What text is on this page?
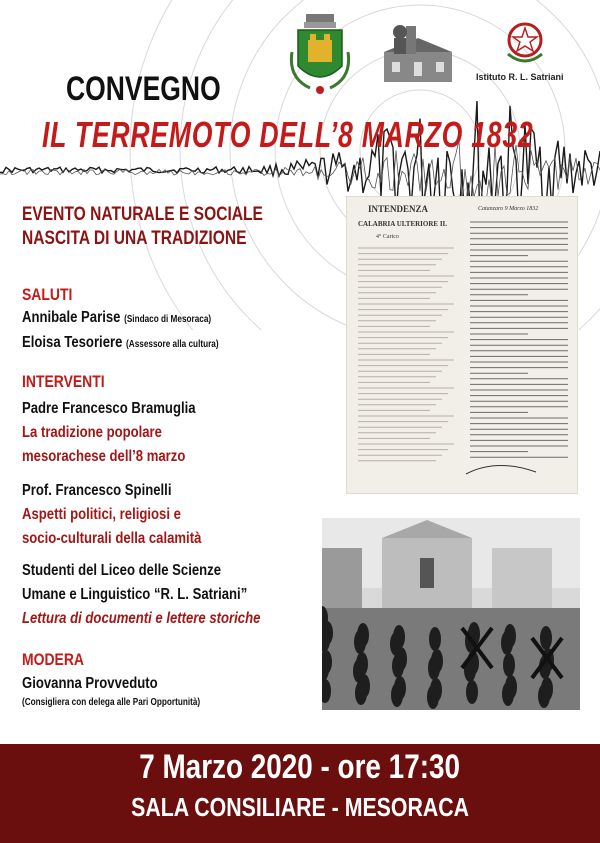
Istituto R. L. Satriani
CONVEGNO
IL TERREMOTO DELL’8 MARZO 1832
EVENTO NATURALE E SOCIALE
NASCITA DI UNA TRADIZIONE
SALUTI
Annibale Parise (Sindaco di Mesoraca)
Eloisa Tesoriere (Assessore alla cultura)
INTERVENTI
Padre Francesco Bramuglia
La tradizione popolare
mesorachese dell’8 marzo
Prof. Francesco Spinelli
Aspetti politici, religiosi e
socio-culturali della calamità
Studenti del Liceo delle Scienze
Umane e Linguistico “R. L. Satriani”
Lettura di documenti e lettere storiche
MODERA
Giovanna Provveduto
(Consigliera con delega alle Pari Opportunità)
INTENDENZA
CALABRIA ULTERIORE II.
4° Carico
Catanzaro 9 Marzo 1832
7 Marzo 2020 - ore 17:30
SALA CONSILIARE - MESORACA
